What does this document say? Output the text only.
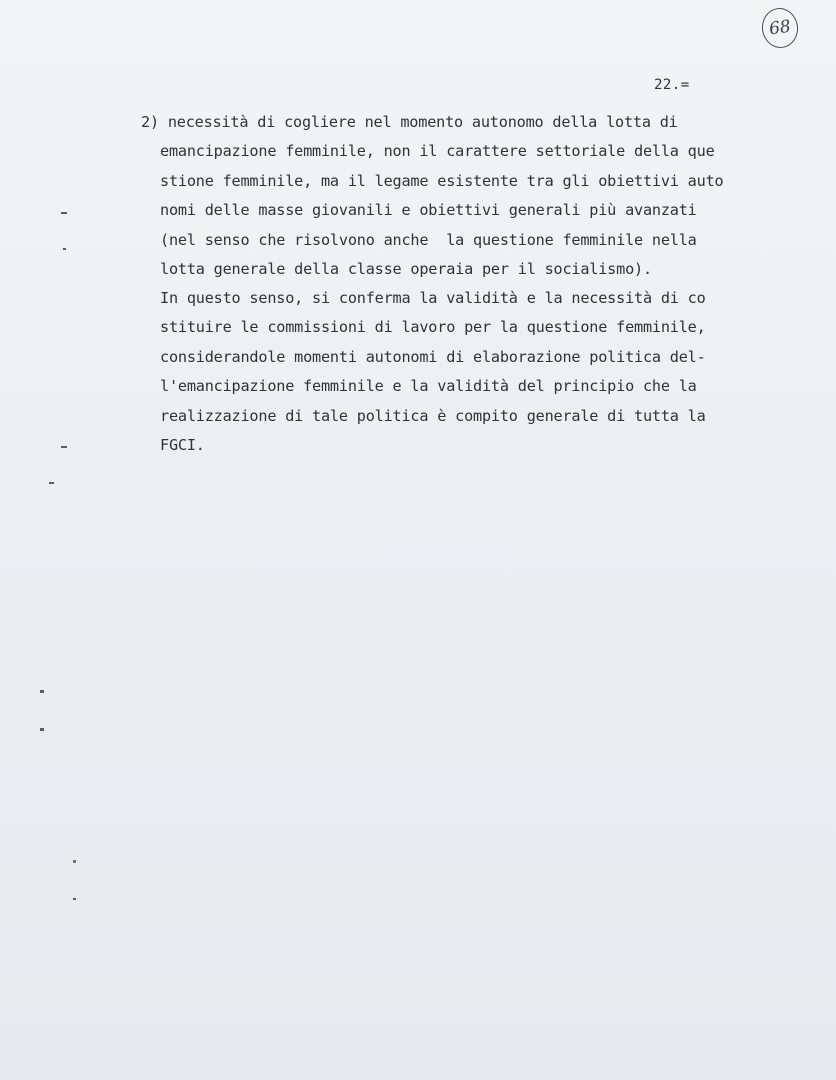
68
22.=
2) necessità di cogliere nel momento autonomo della lotta di
emancipazione femminile, non il carattere settoriale della que
stione femminile, ma il legame esistente tra gli obiettivi auto
nomi delle masse giovanili e obiettivi generali più avanzati
(nel senso che risolvono anche  la questione femminile nella
lotta generale della classe operaia per il socialismo).
In questo senso, si conferma la validità e la necessità di co
stituire le commissioni di lavoro per la questione femminile,
considerandole momenti autonomi di elaborazione politica del-
l'emancipazione femminile e la validità del principio che la
realizzazione di tale politica è compito generale di tutta la
FGCI.
